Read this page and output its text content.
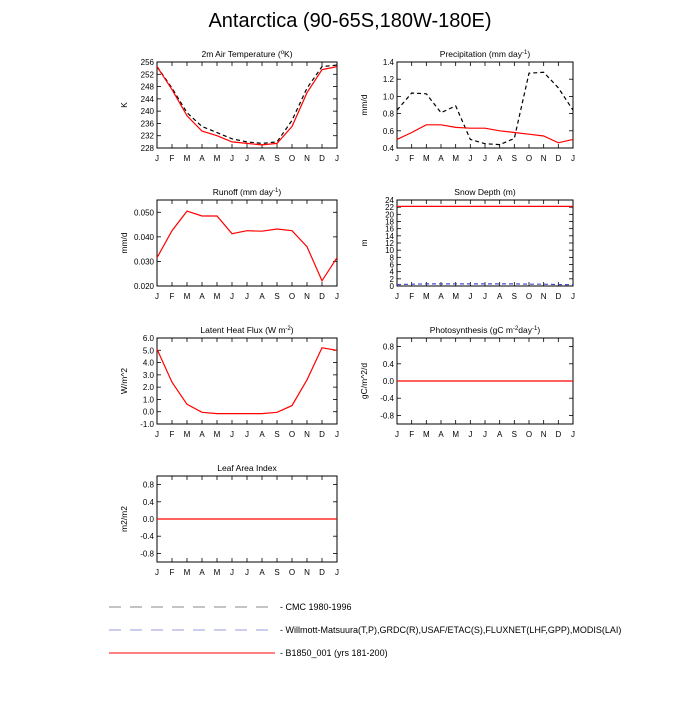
Antarctica (90-65S,180W-180E)
2m Air Temperature ($^o$K)
228
232
236
240
244
248
252
256
K
J F M A M J J A S O N D J
Precipitation (mm day$^{-1}$)
0.4
0.6
0.8
1.0
1.2
1.4
mm/d
J F M A M J J A S O N D J
Runoff (mm day$^{-1}$)
0.020
0.030
0.040
0.050
mm/d
J F M A M J J A S O N D J
Snow Depth (m)
0
2
4
6
8
10
12
14
16
18
20
22
24
m
J F M A M J J A S O N D J
Latent Heat Flux (W $m^{-2}$)
-1.0
0.0
1.0
2.0
3.0
4.0
5.0
6.0
W/m^2
J F M A M J J A S O N D J
Photosynthesis (gC $m^{-2}day^{-1}$)
-0.8
-0.4
0.0
0.4
0.8
gC/m^2/d
J F M A M J J A S O N D J
Leaf Area Index
-0.8
-0.4
0.0
0.4
0.8
m2/m2
J F M A M J J A S O N D J
- CMC 1980-1996
- Willmott-Matsuura(T,P),GRDC(R),USAF/ETAC(S),FLUXNET(LHF,GPP),MODIS(LAI)
- B1850_001 (yrs 181-200)
